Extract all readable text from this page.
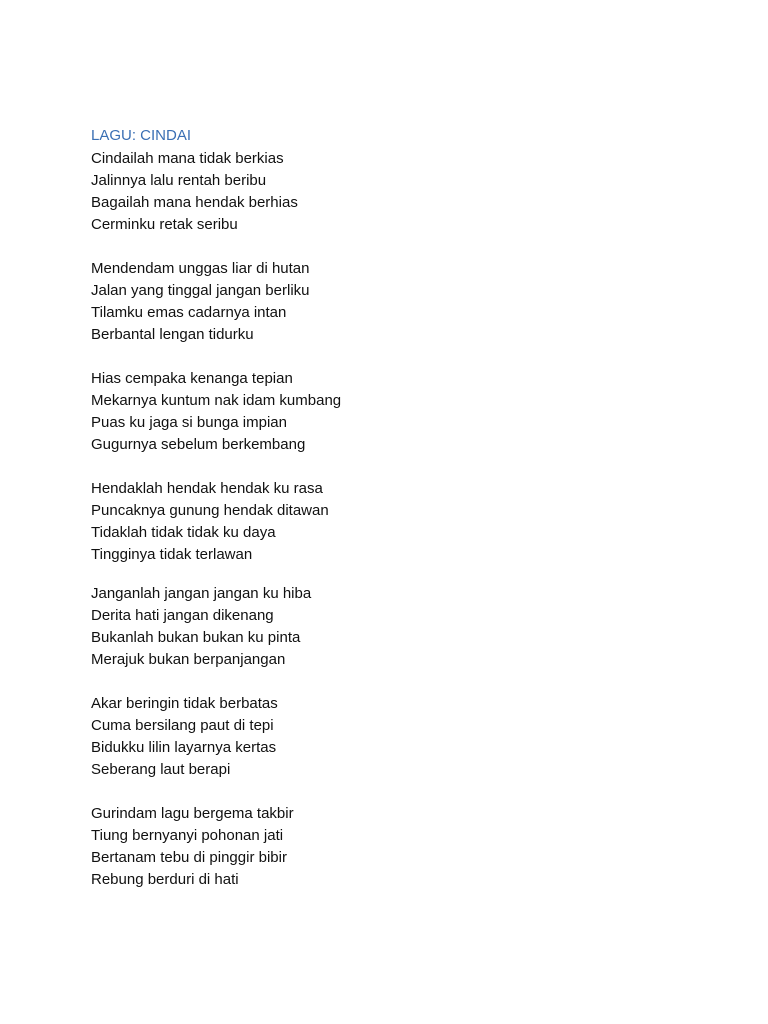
LAGU: CINDAI
Cindailah mana tidak berkias
Jalinnya lalu rentah beribu
Bagailah mana hendak berhias
Cerminku retak seribu
Mendendam unggas liar di hutan
Jalan yang tinggal jangan berliku
Tilamku emas cadarnya intan
Berbantal lengan tidurku
Hias cempaka kenanga tepian
Mekarnya kuntum nak idam kumbang
Puas ku jaga si bunga impian
Gugurnya sebelum berkembang
Hendaklah hendak hendak ku rasa
Puncaknya gunung hendak ditawan
Tidaklah tidak tidak ku daya
Tingginya tidak terlawan
Janganlah jangan jangan ku hiba
Derita hati jangan dikenang
Bukanlah bukan bukan ku pinta
Merajuk bukan berpanjangan
Akar beringin tidak berbatas
Cuma bersilang paut di tepi
Bidukku lilin layarnya kertas
Seberang laut berapi
Gurindam lagu bergema takbir
Tiung bernyanyi pohonan jati
Bertanam tebu di pinggir bibir
Rebung berduri di hati
